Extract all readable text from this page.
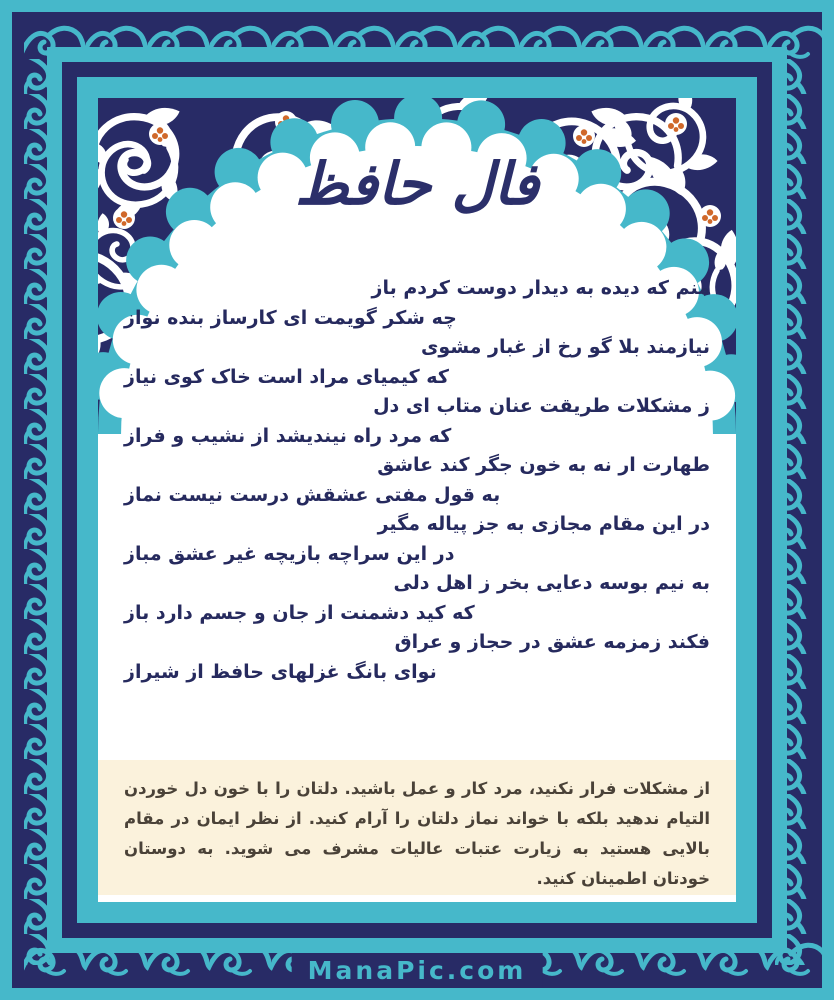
فال حافظ
منم که دیده به دیدار دوست کردم باز
چه شکر گویمت ای کارساز بنده نواز
نیازمند بلا گو رخ از غبار مشوی
که کیمیای مراد است خاک کوی نیاز
ز مشکلات طریقت عنان متاب ای دل
که مرد راه نیندیشد از نشیب و فراز
طهارت ار نه به خون جگر کند عاشق
به قول مفتی عشقش درست نیست نماز
در این مقام مجازی به جز پیاله مگیر
در این سراچه بازیچه غیر عشق مباز
به نیم بوسه دعایی بخر ز اهل دلی
که کید دشمنت از جان و جسم دارد باز
فکند زمزمه عشق در حجاز و عراق
نوای بانگ غزلهای حافظ از شیراز
از مشکلات فرار نکنید، مرد کار و عمل باشید. دلتان را با خون دل خوردن التیام ندهید بلکه با خواند نماز دلتان را آرام کنید. از نظر ایمان در مقام بالایی هستید به زیارت عتبات عالیات مشرف می شوید. به دوستان خودتان اطمینان کنید.
ManaPic.com
